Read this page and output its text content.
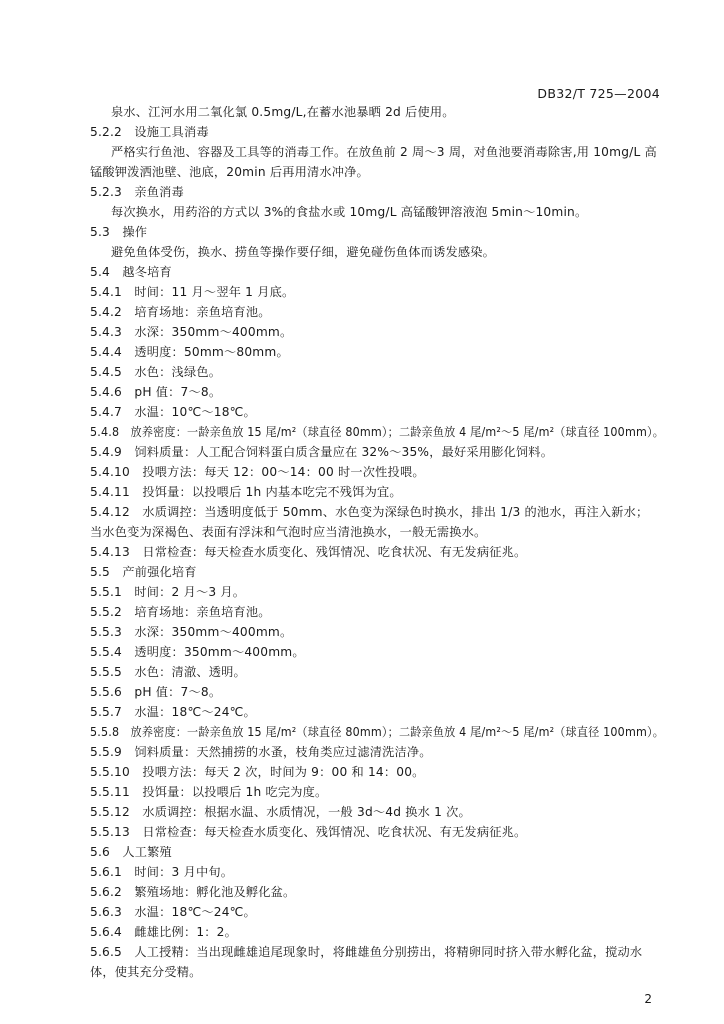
DB32/T 725—2004
泉水、江河水用二氧化氯 0.5mg/L,在蓄水池暴晒 2d 后使用。
5.2.2　设施工具消毒
严格实行鱼池、容器及工具等的消毒工作。在放鱼前 2 周～3 周，对鱼池要消毒除害,用 10mg/L 高
锰酸钾泼洒池壁、池底，20min 后再用清水冲净。
5.2.3　亲鱼消毒
每次换水，用药浴的方式以 3%的食盐水或 10mg/L 高锰酸钾溶液泡 5min～10min。
5.3　操作
避免鱼体受伤，换水、捞鱼等操作要仔细，避免碰伤鱼体而诱发感染。
5.4　越冬培育
5.4.1　时间：11 月～翌年 1 月底。
5.4.2　培育场地：亲鱼培育池。
5.4.3　水深：350mm～400mm。
5.4.4　透明度：50mm～80mm。
5.4.5　水色：浅绿色。
5.4.6　pH 值：7～8。
5.4.7　水温：10℃～18℃。
5.4.8　放养密度：一龄亲鱼放 15 尾/m²（球直径 80mm）；二龄亲鱼放 4 尾/m²～5 尾/m²（球直径 100mm）。
5.4.9　饲料质量：人工配合饲料蛋白质含量应在 32%～35%，最好采用膨化饲料。
5.4.10　投喂方法：每天 12：00～14：00 时一次性投喂。
5.4.11　投饵量：以投喂后 1h 内基本吃完不残饵为宜。
5.4.12　水质调控：当透明度低于 50mm、水色变为深绿色时换水，排出 1/3 的池水，再注入新水；
当水色变为深褐色、表面有浮沫和气泡时应当清池换水，一般无需换水。
5.4.13　日常检查：每天检查水质变化、残饵情况、吃食状况、有无发病征兆。
5.5　产前强化培育
5.5.1　时间：2 月～3 月。
5.5.2　培育场地：亲鱼培育池。
5.5.3　水深：350mm～400mm。
5.5.4　透明度：350mm～400mm。
5.5.5　水色：清澈、透明。
5.5.6　pH 值：7～8。
5.5.7　水温：18℃～24℃。
5.5.8　放养密度：一龄亲鱼放 15 尾/m²（球直径 80mm）；二龄亲鱼放 4 尾/m²～5 尾/m²（球直径 100mm）。
5.5.9　饲料质量：天然捕捞的水蚤，枝角类应过滤清洗洁净。
5.5.10　投喂方法：每天 2 次，时间为 9：00 和 14：00。
5.5.11　投饵量：以投喂后 1h 吃完为度。
5.5.12　水质调控：根据水温、水质情况，一般 3d～4d 换水 1 次。
5.5.13　日常检查：每天检查水质变化、残饵情况、吃食状况、有无发病征兆。
5.6　人工繁殖
5.6.1　时间：3 月中旬。
5.6.2　繁殖场地：孵化池及孵化盆。
5.6.3　水温：18℃～24℃。
5.6.4　雌雄比例：1：2。
5.6.5　人工授精：当出现雌雄追尾现象时，将雌雄鱼分别捞出，将精卵同时挤入带水孵化盆，搅动水
体，使其充分受精。
2
